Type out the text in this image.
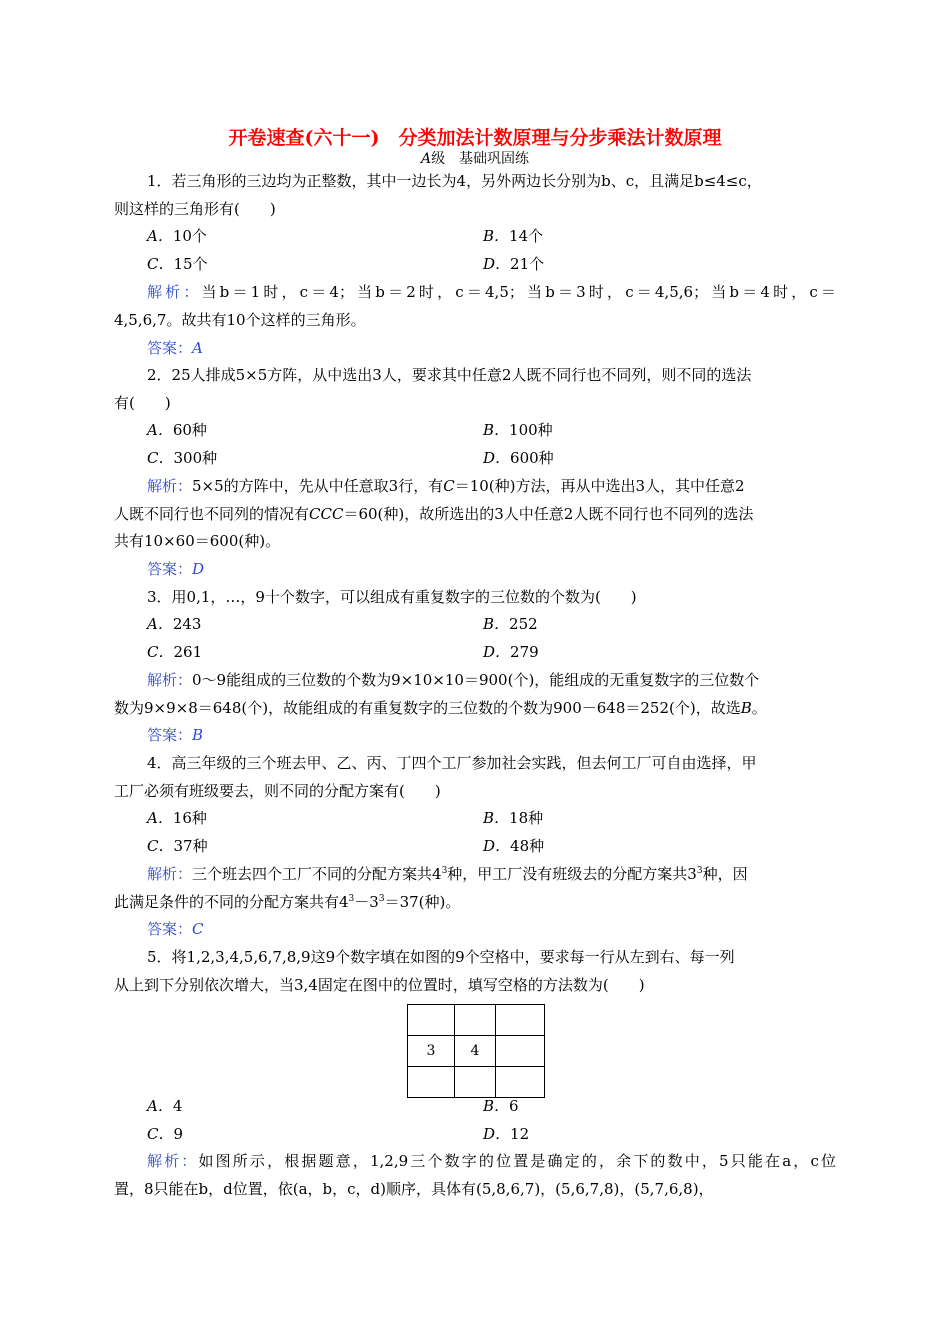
开卷速查(六十一)　分类加法计数原理与分步乘法计数原理
A级　基础巩固练
1．若三角形的三边均为正整数，其中一边长为4，另外两边长分别为b、c，且满足b≤4≤c，
则这样的三角形有(　　)
A．10个	B．14个
C．15个	D．21个
解析：当b＝1时，c＝4；当b＝2时，c＝4,5；当b＝3时，c＝4,5,6；当b＝4时，c＝
4,5,6,7。故共有10个这样的三角形。
答案：A
2．25人排成5×5方阵，从中选出3人，要求其中任意2人既不同行也不同列，则不同的选法
有(　　)
A．60种	B．100种
C．300种	D．600种
解析：5×5的方阵中，先从中任意取3行，有C＝10(种)方法，再从中选出3人，其中任意2
人既不同行也不同列的情况有CCC＝60(种)，故所选出的3人中任意2人既不同行也不同列的选法
共有10×60＝600(种)。
答案：D
3．用0,1，…，9十个数字，可以组成有重复数字的三位数的个数为(　　)
A．243	B．252
C．261	D．279
解析：0～9能组成的三位数的个数为9×10×10＝900(个)，能组成的无重复数字的三位数个
数为9×9×8＝648(个)，故能组成的有重复数字的三位数的个数为900－648＝252(个)，故选B。
答案：B
4．高三年级的三个班去甲、乙、丙、丁四个工厂参加社会实践，但去何工厂可自由选择，甲
工厂必须有班级要去，则不同的分配方案有(　　)
A．16种	B．18种
C．37种	D．48种
解析：三个班去四个工厂不同的分配方案共$4^3$种，甲工厂没有班级去的分配方案共$3^3$种，因
此满足条件的不同的分配方案共有$4^3-3^3=37$(种)。
答案：C
5．将1,2,3,4,5,6,7,8,9这9个数字填在如图的9个空格中，要求每一行从左到右、每一列
从上到下分别依次增大，当3,4固定在图中的位置时，填写空格的方法数为(　　)

3	4	

A．4	B．6
C．9	D．12
解析：如图所示，根据题意，1,2,9三个数字的位置是确定的，余下的数中，5只能在a，c位
置，8只能在b，d位置，依(a，b，c，d)顺序，具体有(5,8,6,7)，(5,6,7,8)，(5,7,6,8)，
